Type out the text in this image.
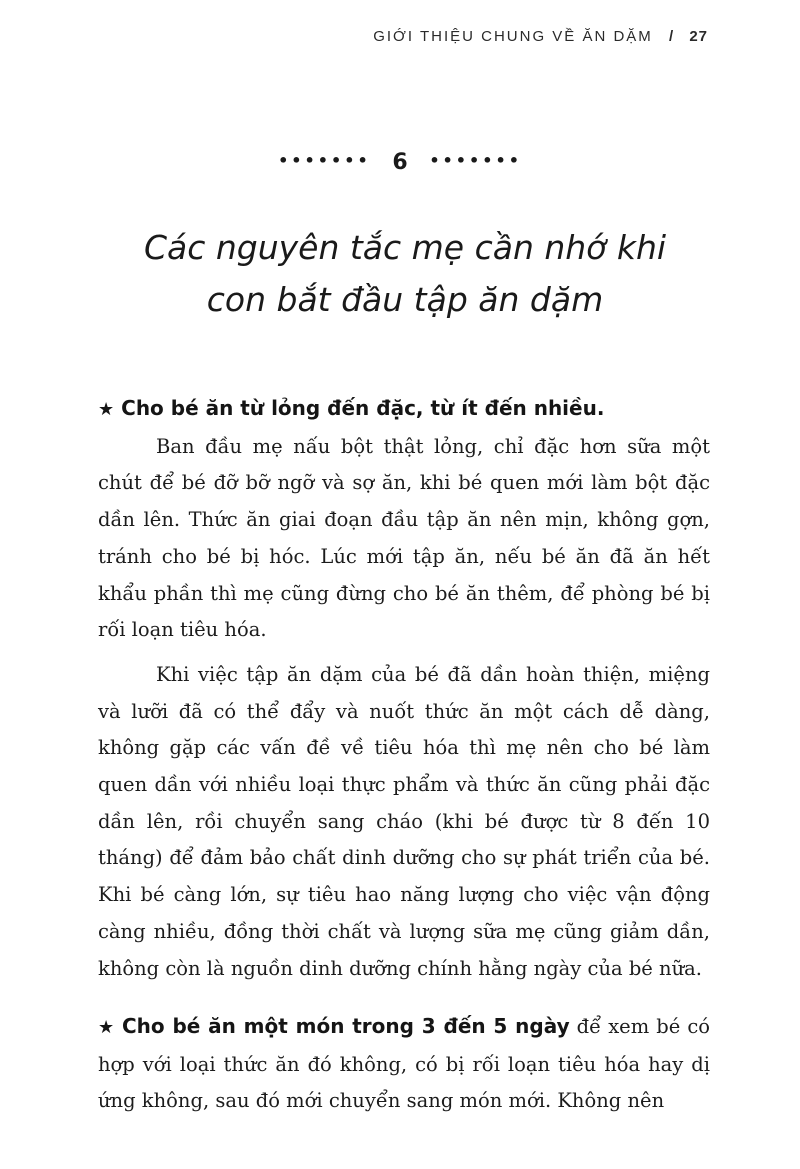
GIỚI THIỆU CHUNG VỀ ĂN DẶM / 27
••••••• 6 •••••••
Các nguyên tắc mẹ cần nhớ khi
con bắt đầu tập ăn dặm
★ Cho bé ăn từ lỏng đến đặc, từ ít đến nhiều.

Ban đầu mẹ nấu bột thật lỏng, chỉ đặc hơn sữa một chút để bé đỡ bỡ ngỡ và sợ ăn, khi bé quen mới làm bột đặc dần lên. Thức ăn giai đoạn đầu tập ăn nên mịn, không gợn, tránh cho bé bị hóc. Lúc mới tập ăn, nếu bé ăn đã ăn hết khẩu phần thì mẹ cũng đừng cho bé ăn thêm, để phòng bé bị rối loạn tiêu hóa.

Khi việc tập ăn dặm của bé đã dần hoàn thiện, miệng và lưỡi đã có thể đẩy và nuốt thức ăn một cách dễ dàng, không gặp các vấn đề về tiêu hóa thì mẹ nên cho bé làm quen dần với nhiều loại thực phẩm và thức ăn cũng phải đặc dần lên, rồi chuyển sang cháo (khi bé được từ 8 đến 10 tháng) để đảm bảo chất dinh dưỡng cho sự phát triển của bé. Khi bé càng lớn, sự tiêu hao năng lượng cho việc vận động càng nhiều, đồng thời chất và lượng sữa mẹ cũng giảm dần, không còn là nguồn dinh dưỡng chính hằng ngày của bé nữa.

★ Cho bé ăn một món trong 3 đến 5 ngày để xem bé có hợp với loại thức ăn đó không, có bị rối loạn tiêu hóa hay dị ứng không, sau đó mới chuyển sang món mới. Không nên
